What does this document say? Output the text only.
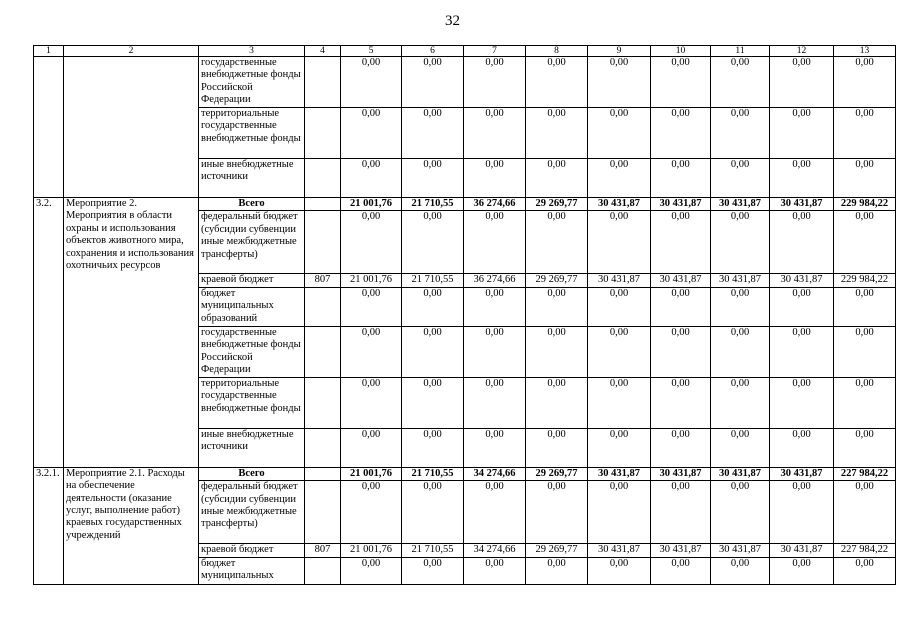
32
1	2	3	4	5	6	7	8	9	10	11	12	13
		государственные внебюджетные фонды Российской Федерации		0,00	0,00	0,00	0,00	0,00	0,00	0,00	0,00	0,00
		территориальные государственные внебюджетные фонды		0,00	0,00	0,00	0,00	0,00	0,00	0,00	0,00	0,00
		иные внебюджетные источники		0,00	0,00	0,00	0,00	0,00	0,00	0,00	0,00	0,00
3.2.	Мероприятие 2. Мероприятия в области охраны и использования объектов животного мира, сохранения и использования охотничьих ресурсов	Всего		21 001,76	21 710,55	36 274,66	29 269,77	30 431,87	30 431,87	30 431,87	30 431,87	229 984,22
		федеральный бюджет (субсидии субвенции иные межбюджетные трансферты)		0,00	0,00	0,00	0,00	0,00	0,00	0,00	0,00	0,00
		краевой бюджет	807	21 001,76	21 710,55	36 274,66	29 269,77	30 431,87	30 431,87	30 431,87	30 431,87	229 984,22
		бюджет муниципальных образований		0,00	0,00	0,00	0,00	0,00	0,00	0,00	0,00	0,00
		государственные внебюджетные фонды Российской Федерации		0,00	0,00	0,00	0,00	0,00	0,00	0,00	0,00	0,00
		территориальные государственные внебюджетные фонды		0,00	0,00	0,00	0,00	0,00	0,00	0,00	0,00	0,00
		иные внебюджетные источники		0,00	0,00	0,00	0,00	0,00	0,00	0,00	0,00	0,00
3.2.1.	Мероприятие 2.1. Расходы на обеспечение деятельности (оказание услуг, выполнение работ) краевых государственных учреждений	Всего		21 001,76	21 710,55	34 274,66	29 269,77	30 431,87	30 431,87	30 431,87	30 431,87	227 984,22
		федеральный бюджет (субсидии субвенции иные межбюджетные трансферты)		0,00	0,00	0,00	0,00	0,00	0,00	0,00	0,00	0,00
		краевой бюджет	807	21 001,76	21 710,55	34 274,66	29 269,77	30 431,87	30 431,87	30 431,87	30 431,87	227 984,22
		бюджет муниципальных		0,00	0,00	0,00	0,00	0,00	0,00	0,00	0,00	0,00
